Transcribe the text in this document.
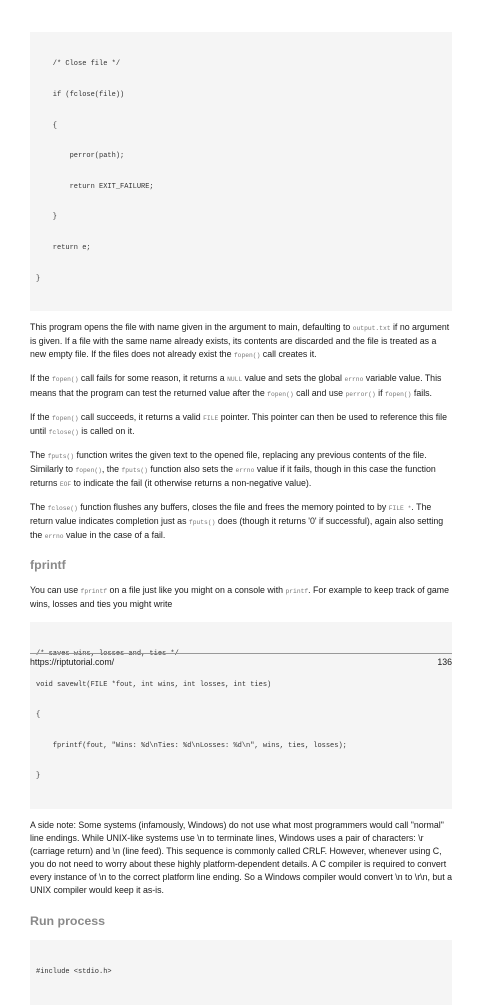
/* Close file */

if (fclose(file))

{

perror(path);

return EXIT_FAILURE;

}

return e;

}

This program opens the file with name given in the argument to main, defaulting to output.txt if no argument is given. If a file with the same name already exists, its contents are discarded and the file is treated as a new empty file. If the files does not already exist the fopen() call creates it.

If the fopen() call fails for some reason, it returns a NULL value and sets the global errno variable value. This means that the program can test the returned value after the fopen() call and use perror() if fopen() fails.

If the fopen() call succeeds, it returns a valid FILE pointer. This pointer can then be used to reference this file until fclose() is called on it.

The fputs() function writes the given text to the opened file, replacing any previous contents of the file. Similarly to fopen(), the fputs() function also sets the errno value if it fails, though in this case the function returns EOF to indicate the fail (it otherwise returns a non-negative value).

The fclose() function flushes any buffers, closes the file and frees the memory pointed to by FILE *. The return value indicates completion just as fputs() does (though it returns '0' if successful), again also setting the errno value in the case of a fail.

fprintf

You can use fprintf on a file just like you might on a console with printf. For example to keep track of game wins, losses and ties you might write

/* saves wins, losses and, ties */

void savewlt(FILE *fout, int wins, int losses, int ties)

{

fprintf(fout, "Wins: %d\nTies: %d\nLosses: %d\n", wins, ties, losses);

}

A side note: Some systems (infamously, Windows) do not use what most programmers would call "normal" line endings. While UNIX-like systems use \n to terminate lines, Windows uses a pair of characters: \r (carriage return) and \n (line feed). This sequence is commonly called CRLF. However, whenever using C, you do not need to worry about these highly platform-dependent details. A C compiler is required to convert every instance of \n to the correct platform line ending. So a Windows compiler would convert \n to \r\n, but a UNIX compiler would keep it as-is.

Run process

#include <stdio.h>

https://riptutorial.com/	136
